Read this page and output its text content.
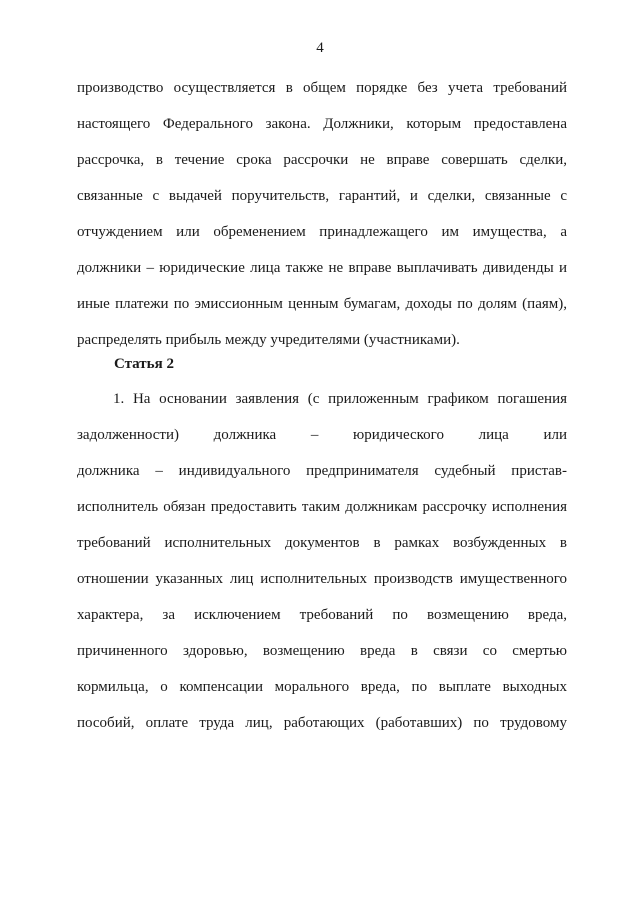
4
производство осуществляется в общем порядке без учета требований
настоящего Федерального закона. Должники, которым предоставлена
рассрочка, в течение срока рассрочки не вправе совершать сделки,
связанные с выдачей поручительств, гарантий, и сделки, связанные с
отчуждением или обременением принадлежащего им имущества, а
должники – юридические лица также не вправе выплачивать дивиденды и
иные платежи по эмиссионным ценным бумагам, доходы по долям (паям),
распределять прибыль между учредителями (участниками).
Статья 2
1. На основании заявления (с приложенным графиком погашения
задолженности) должника – юридического лица или
должника – индивидуального предпринимателя судебный пристав-
исполнитель обязан предоставить таким должникам рассрочку исполнения
требований исполнительных документов в рамках возбужденных в
отношении указанных лиц исполнительных производств имущественного
характера, за исключением требований по возмещению вреда,
причиненного здоровью, возмещению вреда в связи со смертью
кормильца, о компенсации морального вреда, по выплате выходных
пособий, оплате труда лиц, работающих (работавших) по трудовому
